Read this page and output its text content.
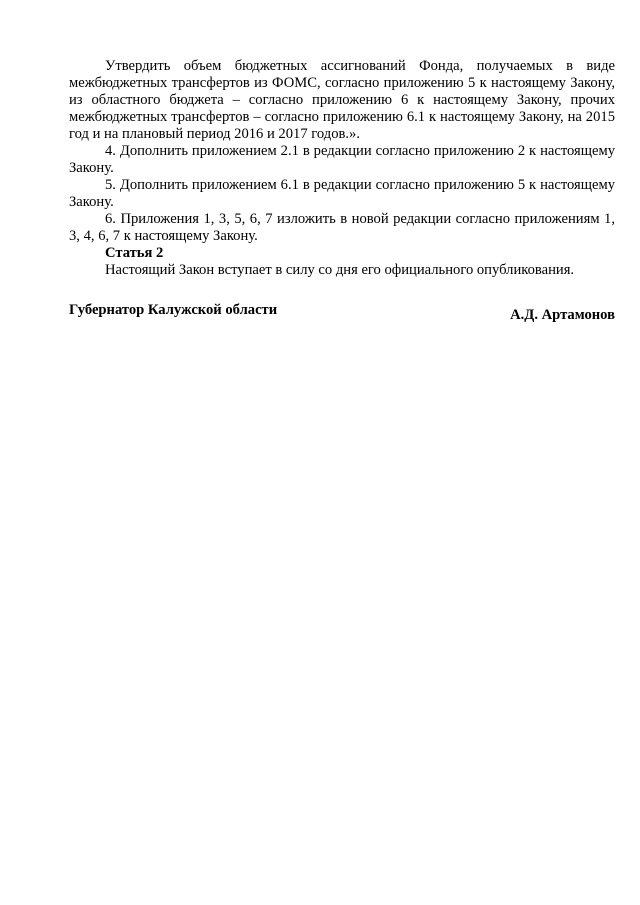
Утвердить объем бюджетных ассигнований Фонда, получаемых в виде межбюджетных трансфертов из ФОМС, согласно приложению 5 к настоящему Закону, из областного бюджета – согласно приложению 6 к настоящему Закону, прочих межбюджетных трансфертов – согласно приложению 6.1 к настоящему Закону, на 2015 год и на плановый период 2016 и 2017 годов.».

4. Дополнить приложением 2.1 в редакции согласно приложению 2 к настоящему Закону.

5. Дополнить приложением 6.1 в редакции согласно приложению 5 к настоящему Закону.

6. Приложения 1, 3, 5, 6, 7 изложить в новой редакции согласно приложениям 1, 3, 4, 6, 7 к настоящему Закону.

Статья 2

Настоящий Закон вступает в силу со дня его официального опубликования.

Губернатор Калужской области	А.Д. Артамонов
